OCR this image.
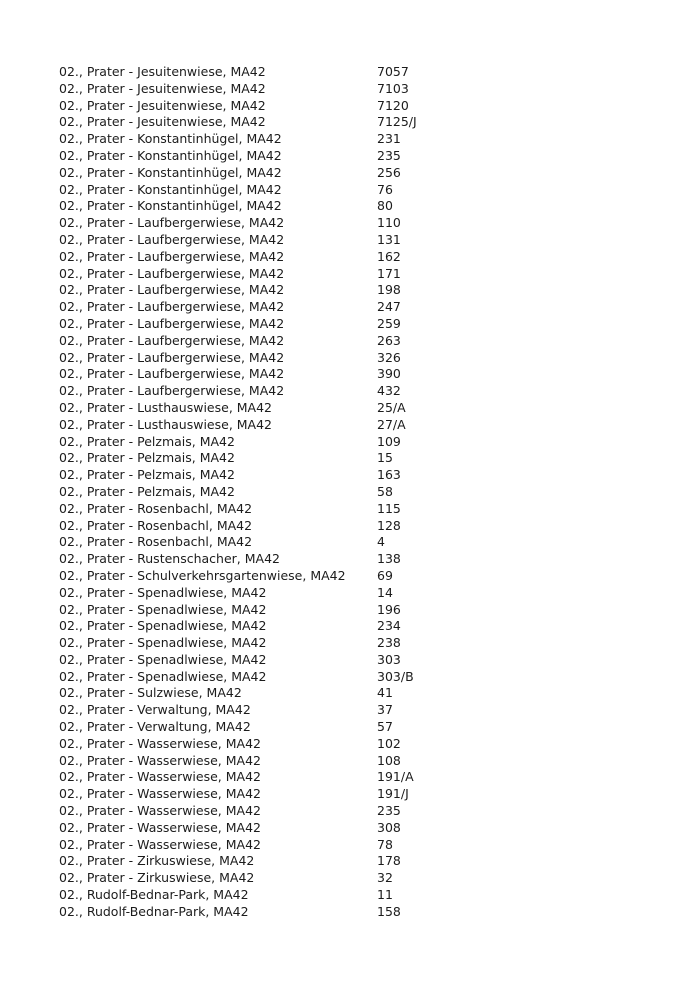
02., Prater - Jesuitenwiese, MA42	7057
02., Prater - Jesuitenwiese, MA42	7103
02., Prater - Jesuitenwiese, MA42	7120
02., Prater - Jesuitenwiese, MA42	7125/J
02., Prater - Konstantinhügel, MA42	231
02., Prater - Konstantinhügel, MA42	235
02., Prater - Konstantinhügel, MA42	256
02., Prater - Konstantinhügel, MA42	76
02., Prater - Konstantinhügel, MA42	80
02., Prater - Laufbergerwiese, MA42	110
02., Prater - Laufbergerwiese, MA42	131
02., Prater - Laufbergerwiese, MA42	162
02., Prater - Laufbergerwiese, MA42	171
02., Prater - Laufbergerwiese, MA42	198
02., Prater - Laufbergerwiese, MA42	247
02., Prater - Laufbergerwiese, MA42	259
02., Prater - Laufbergerwiese, MA42	263
02., Prater - Laufbergerwiese, MA42	326
02., Prater - Laufbergerwiese, MA42	390
02., Prater - Laufbergerwiese, MA42	432
02., Prater - Lusthauswiese, MA42	25/A
02., Prater - Lusthauswiese, MA42	27/A
02., Prater - Pelzmais, MA42	109
02., Prater - Pelzmais, MA42	15
02., Prater - Pelzmais, MA42	163
02., Prater - Pelzmais, MA42	58
02., Prater - Rosenbachl, MA42	115
02., Prater - Rosenbachl, MA42	128
02., Prater - Rosenbachl, MA42	4
02., Prater - Rustenschacher, MA42	138
02., Prater - Schulverkehrsgartenwiese, MA42	69
02., Prater - Spenadlwiese, MA42	14
02., Prater - Spenadlwiese, MA42	196
02., Prater - Spenadlwiese, MA42	234
02., Prater - Spenadlwiese, MA42	238
02., Prater - Spenadlwiese, MA42	303
02., Prater - Spenadlwiese, MA42	303/B
02., Prater - Sulzwiese, MA42	41
02., Prater - Verwaltung, MA42	37
02., Prater - Verwaltung, MA42	57
02., Prater - Wasserwiese, MA42	102
02., Prater - Wasserwiese, MA42	108
02., Prater - Wasserwiese, MA42	191/A
02., Prater - Wasserwiese, MA42	191/J
02., Prater - Wasserwiese, MA42	235
02., Prater - Wasserwiese, MA42	308
02., Prater - Wasserwiese, MA42	78
02., Prater - Zirkuswiese, MA42	178
02., Prater - Zirkuswiese, MA42	32
02., Rudolf-Bednar-Park, MA42	11
02., Rudolf-Bednar-Park, MA42	158
